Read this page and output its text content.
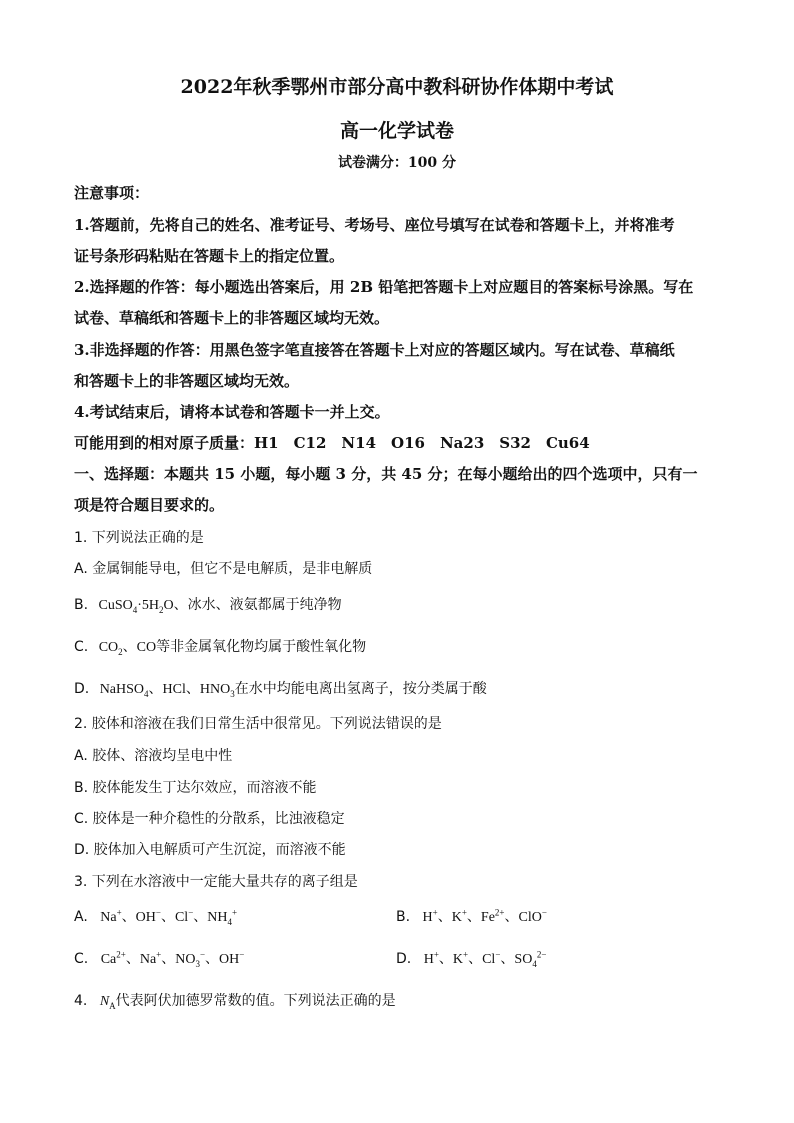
2022年秋季鄂州市部分高中教科研协作体期中考试
高一化学试卷
试卷满分：100 分
注意事项：
1.答题前，先将自己的姓名、准考证号、考场号、座位号填写在试卷和答题卡上，并将准考
证号条形码粘贴在答题卡上的指定位置。
2.选择题的作答：每小题选出答案后，用 2B 铅笔把答题卡上对应题目的答案标号涂黑。写在
试卷、草稿纸和答题卡上的非答题区域均无效。
3.非选择题的作答：用黑色签字笔直接答在答题卡上对应的答题区域内。写在试卷、草稿纸
和答题卡上的非答题区域均无效。
4.考试结束后，请将本试卷和答题卡一并上交。
可能用到的相对原子质量：H1　C12　N14　O16　Na23　S32　Cu64
一、选择题：本题共 15 小题，每小题 3 分，共 45 分；在每小题给出的四个选项中，只有一
项是符合题目要求的。
1. 下列说法正确的是
A. 金属铜能导电，但它不是电解质，是非电解质
B. $CuSO_4\cdot 5H_2O$、冰水、液氨都属于纯净物
C. $CO_2$、CO等非金属氧化物均属于酸性氧化物
D. NaHSO$_4$、HCl、$HNO_3$在水中均能电离出氢离子，按分类属于酸
2. 胶体和溶液在我们日常生活中很常见。下列说法错误的是
A. 胶体、溶液均呈电中性
B. 胶体能发生丁达尔效应，而溶液不能
C. 胶体是一种介稳性的分散系，比浊液稳定
D. 胶体加入电解质可产生沉淀，而溶液不能
3. 下列在水溶液中一定能大量共存的离子组是
A. Na+、OH−、Cl−、$NH_4^+$	B. H+、K+、$Fe^{2+}$、ClO−
C. $Ca^{2+}$、Na+、$NO_3^-$、OH−	D. H+、K+、Cl−、$SO_4^{2-}$
4. $N_A$代表阿伏加德罗常数的值。下列说法正确的是
